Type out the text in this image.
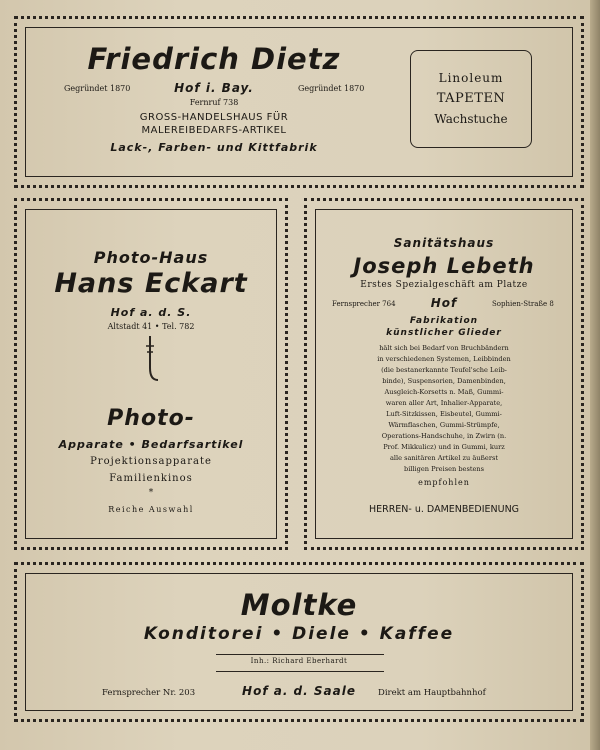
Friedrich Dietz
Gegründet 1870	Hof i. Bay.	Gegründet 1870
Fernruf 738
GROSS-HANDELSHAUS FÜR
MALEREIBEDARFS-ARTIKEL
Lack-, Farben- und Kittfabrik
Linoleum
TAPETEN
Wachstuche
Photo-Haus
Hans Eckart
Hof a. d. S.
Altstadt 41 • Tel. 782
Photo-
Apparate • Bedarfsartikel
Projektionsapparate
Familienkinos
*
Reiche Auswahl
Sanitätshaus
Joseph Lebeth
Erstes Spezialgeschäft am Platze
Fernsprecher 764	Hof	Sophien-Straße 8
Fabrikation
künstlicher Glieder
hält sich bei Bedarf von Bruchbändern
in verschiedenen Systemen, Leibbinden
(die bestanerkannte Teufel'sche Leib-
binde), Suspensorien, Damenbinden,
Ausgleich-Korsetts n. Maß, Gummi-
waren aller Art, Inhalier-Apparate,
Luft-Sitzkissen, Eisbeutel, Gummi-
Wärmflaschen, Gummi-Strümpfe,
Operations-Handschuhe, in Zwirn (n.
Prof. Mikkulicz) und in Gummi, kurz
alle sanitären Artikel zu äußerst
billigen Preisen bestens
empfohlen
HERREN- u. DAMENBEDIENUNG
Moltke
Konditorei • Diele • Kaffee
Inh.: Richard Eberhardt
Fernsprecher Nr. 203	Hof a. d. Saale	Direkt am Hauptbahnhof
